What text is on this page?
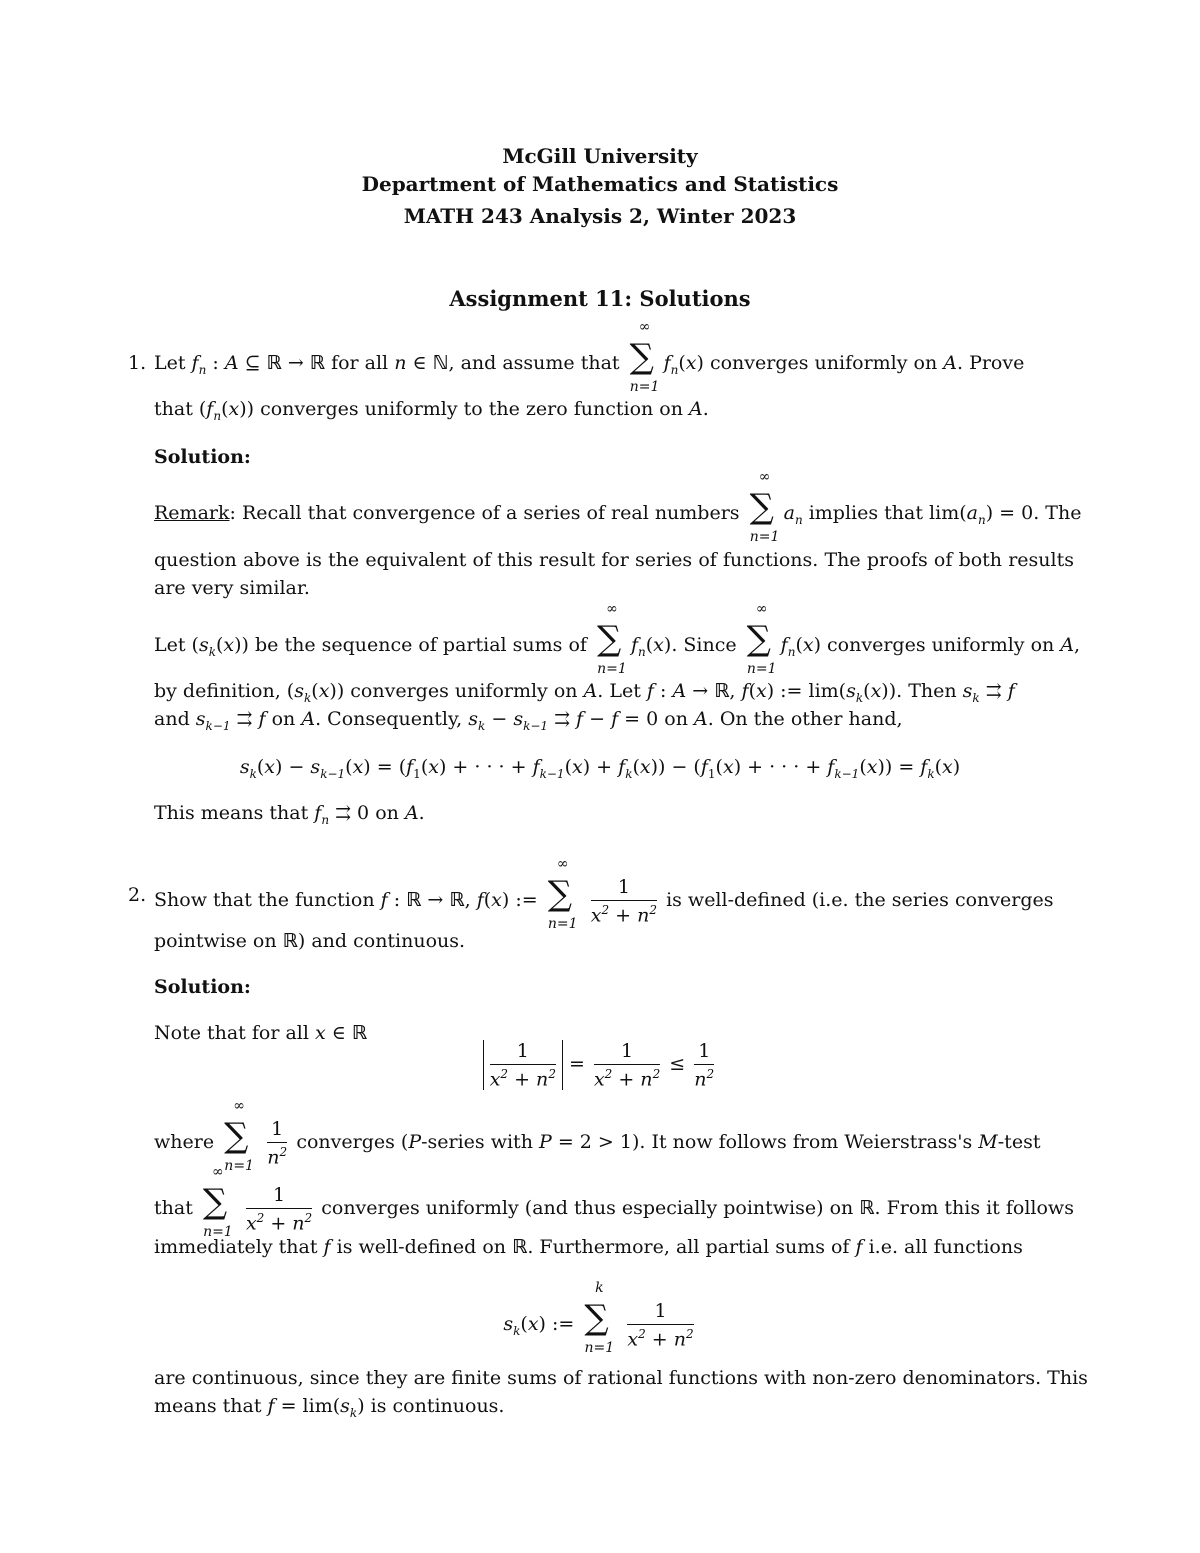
McGill University
Department of Mathematics and Statistics
MATH 243 Analysis 2, Winter 2023
Assignment 11: Solutions
1. Let $f_n$ : A ⊆ ℝ → ℝ for all n ∈ ℕ, and assume that
∞
∑
n=1
$f_n(x)$ converges uniformly on A. Prove
that $(f_n(x))$ converges uniformly to the zero function on A.
Solution:
Remark: Recall that convergence of a series of real numbers
∞
∑
n=1
$a_n$ implies that $\lim(a_n) = 0$. The
question above is the equivalent of this result for series of functions. The proofs of both results are very similar.
Let $(s_k(x))$ be the sequence of partial sums of
∞
∑
n=1
$f_n(x)$. Since
∞
∑
n=1
$f_n(x)$ converges uniformly on A,
by definition, $(s_k(x))$ converges uniformly on A. Let f : A → ℝ, f(x) := $\lim(s_k(x))$. Then $s_k$ ⇉ f
and $s_{k-1}$ ⇉ f on A. Consequently, $s_k - s_{k-1}$ ⇉ f − f = 0 on A. On the other hand,
$s_k(x) - s_{k-1}(x) = (f_1(x)$ + · · · + $f_{k-1}(x) + f_k(x)) - (f_1(x)$ + · · · + $f_{k-1}(x)) = f_k(x)$
This means that $f_n$ ⇉ 0 on A.
2. Show that the function f : ℝ → ℝ, f(x) :=
∞
∑
n=1
$\frac{1}{x^2 + n^2}$ is well-defined (i.e. the series converges
pointwise on ℝ) and continuous.
Solution:
Note that for all x ∈ ℝ
$\frac{1}{x^2 + n^2} = \frac{1}{x^2 + n^2} \le \frac{1}{n^2}$
where
∞
∑
n=1
$\frac{1}{n^2}$ converges (P-series with P = 2 > 1). It now follows from Weierstrass's M-test
that
∞
∑
n=1
$\frac{1}{x^2 + n^2}$ converges uniformly (and thus especially pointwise) on ℝ. From this it follows
immediately that f is well-defined on ℝ. Furthermore, all partial sums of f i.e. all functions
$s_k(x)$ :=
k
∑
n=1
$\frac{1}{x^2 + n^2}$
are continuous, since they are finite sums of rational functions with non-zero denominators. This
means that $f = \lim(s_k)$ is continuous.
